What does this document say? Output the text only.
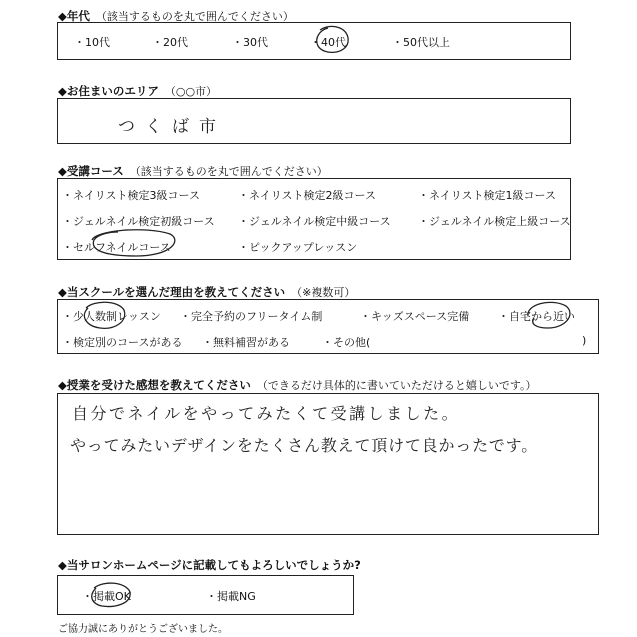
◆年代 （該当するものを丸で囲んでください）
・10代	・20代	・30代	・40代	・50代以上
◆お住まいのエリア （○○市）
つくば市
◆受講コース （該当するものを丸で囲んでください）
・ネイリスト検定3級コース	・ネイリスト検定2級コース	・ネイリスト検定1級コース
・ジェルネイル検定初級コース ・ジェルネイル検定中級コース ・ジェルネイル検定上級コース
・セルフネイルコース	・ピックアップレッスン
◆当スクールを選んだ理由を教えてください （※複数可）
・少人数制レッスン ・完全予約のフリータイム制	・キッズスペース完備	・自宅から近い
・検定別のコースがある ・無料補習がある	・その他(	)
◆授業を受けた感想を教えてください （できるだけ具体的に書いていただけると嬉しいです。）
自分でネイルをやってみたくて受講しました。
やってみたいデザインをたくさん教えて頂けて良かったです。
◆当サロンホームページに記載してもよろしいでしょうか?
・掲載OK	・掲載NG
ご協力誠にありがとうございました。
